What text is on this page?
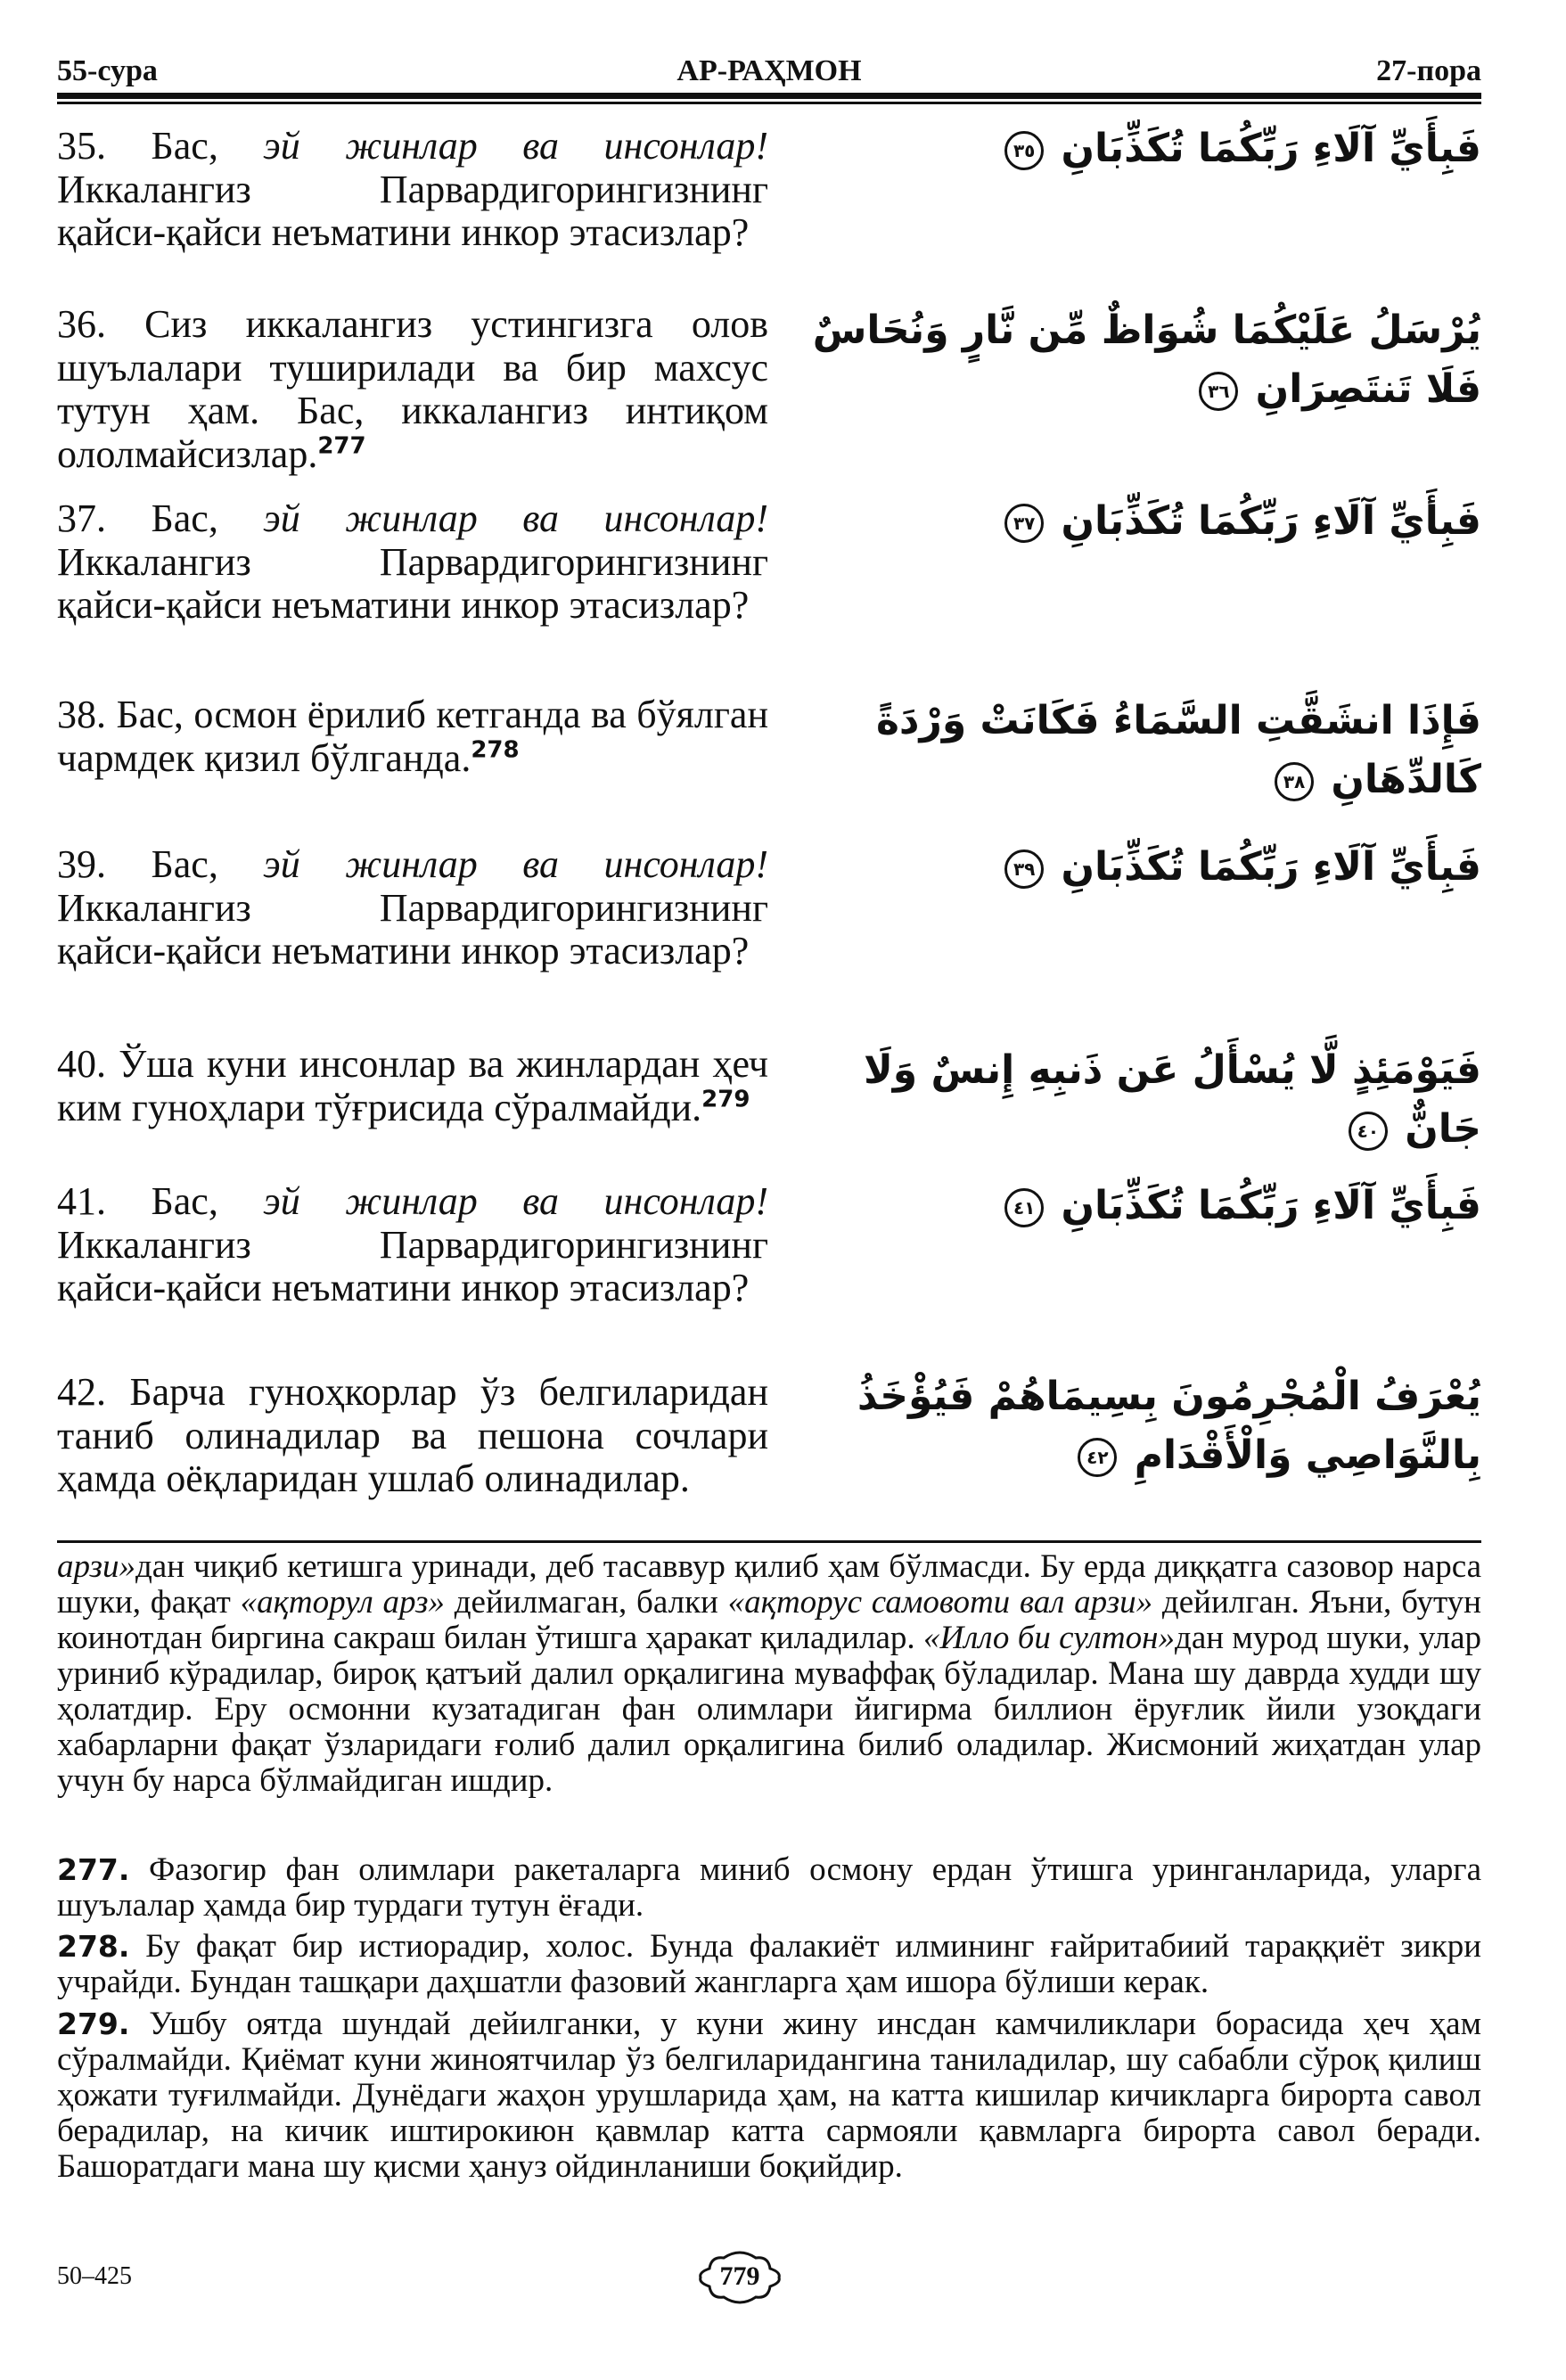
55-сура	АР-РАҲМОН	27-пора
35. Бас, эй жинлар ва инсонлар! Иккалангиз Парвардигорингизнинг қайси-қайси неъматини инкор этасизлар?
فَبِأَيِّ آلَاءِ رَبِّكُمَا تُكَذِّبَانِ ٣٥
36. Сиз иккалангиз устингизга олов шуълалари туширилади ва бир махсус тутун ҳам. Бас, иккалангиз интиқом ололмайсизлар.$^{277}$
يُرْسَلُ عَلَيْكُمَا شُوَاظٌ مِّن نَّارٍ وَنُحَاسٌ فَلَا تَنتَصِرَانِ ٣٦
37. Бас, эй жинлар ва инсонлар! Иккалангиз Парвардигорингизнинг қайси-қайси неъматини инкор этасизлар?
فَبِأَيِّ آلَاءِ رَبِّكُمَا تُكَذِّبَانِ ٣٧
38. Бас, осмон ёрилиб кетганда ва бўялган чармдек қизил бўлганда.$^{278}$
فَإِذَا انشَقَّتِ السَّمَاءُ فَكَانَتْ وَرْدَةً كَالدِّهَانِ ٣٨
39. Бас, эй жинлар ва инсонлар! Иккалангиз Парвардигорингизнинг қайси-қайси неъматини инкор этасизлар?
فَبِأَيِّ آلَاءِ رَبِّكُمَا تُكَذِّبَانِ ٣٩
40. Ўша куни инсонлар ва жинлардан ҳеч ким гуноҳлари тўғрисида сўралмайди.$^{279}$
فَيَوْمَئِذٍ لَّا يُسْأَلُ عَن ذَنبِهِ إِنسٌ وَلَا جَانٌّ ٤٠
41. Бас, эй жинлар ва инсонлар! Иккалангиз Парвардигорингизнинг қайси-қайси неъматини инкор этасизлар?
فَبِأَيِّ آلَاءِ رَبِّكُمَا تُكَذِّبَانِ ٤١
42. Барча гуноҳкорлар ўз белгиларидан таниб олинадилар ва пешона сочлари ҳамда оёқларидан ушлаб олинадилар.
يُعْرَفُ الْمُجْرِمُونَ بِسِيمَاهُمْ فَيُؤْخَذُ بِالنَّوَاصِي وَالْأَقْدَامِ ٤٢
арзи»дан чиқиб кетишга уринади, деб тасаввур қилиб ҳам бўлмасди. Бу ерда диққатга сазовор нарса шуки, фақат «ақторул арз» дейилмаган, балки «ақторус самовоти вал арзи» дейилган. Яъни, бутун коинотдан биргина сакраш билан ўтишга ҳаракат қиладилар. «Илло би султон»дан мурод шуки, улар уриниб кўрадилар, бироқ қатъий далил орқалигина муваффақ бўладилар. Мана шу даврда худди шу ҳолатдир. Еру осмонни кузатадиган фан олимлари йигирма биллион ёруғлик йили узоқдаги хабарларни фақат ўзларидаги ғолиб далил орқалигина билиб оладилар. Жисмоний жиҳатдан улар учун бу нарса бўлмайдиган ишдир.
277. Фазогир фан олимлари ракеталарга миниб осмону ердан ўтишга уринганларида, уларга шуълалар ҳамда бир турдаги тутун ёғади.
278. Бу фақат бир истиорадир, холос. Бунда фалакиёт илмининг ғайритабиий тараққиёт зикри учрайди. Бундан ташқари даҳшатли фазовий жангларга ҳам ишора бўлиши керак.
279. Ушбу оятда шундай дейилганки, у куни жину инсдан камчиликлари борасида ҳеч ҳам сўралмайди. Қиёмат куни жиноятчилар ўз белгиларидангина таниладилар, шу сабабли сўроқ қилиш ҳожати туғилмайди. Дунёдаги жаҳон урушларида ҳам, на катта кишилар кичикларга бирорта савол берадилар, на кичик иштирокиюн қавмлар катта сармояли қавмларга бирорта савол беради. Башоратдаги мана шу қисми ҳануз ойдинланиши боқийдир.
50–425	779
